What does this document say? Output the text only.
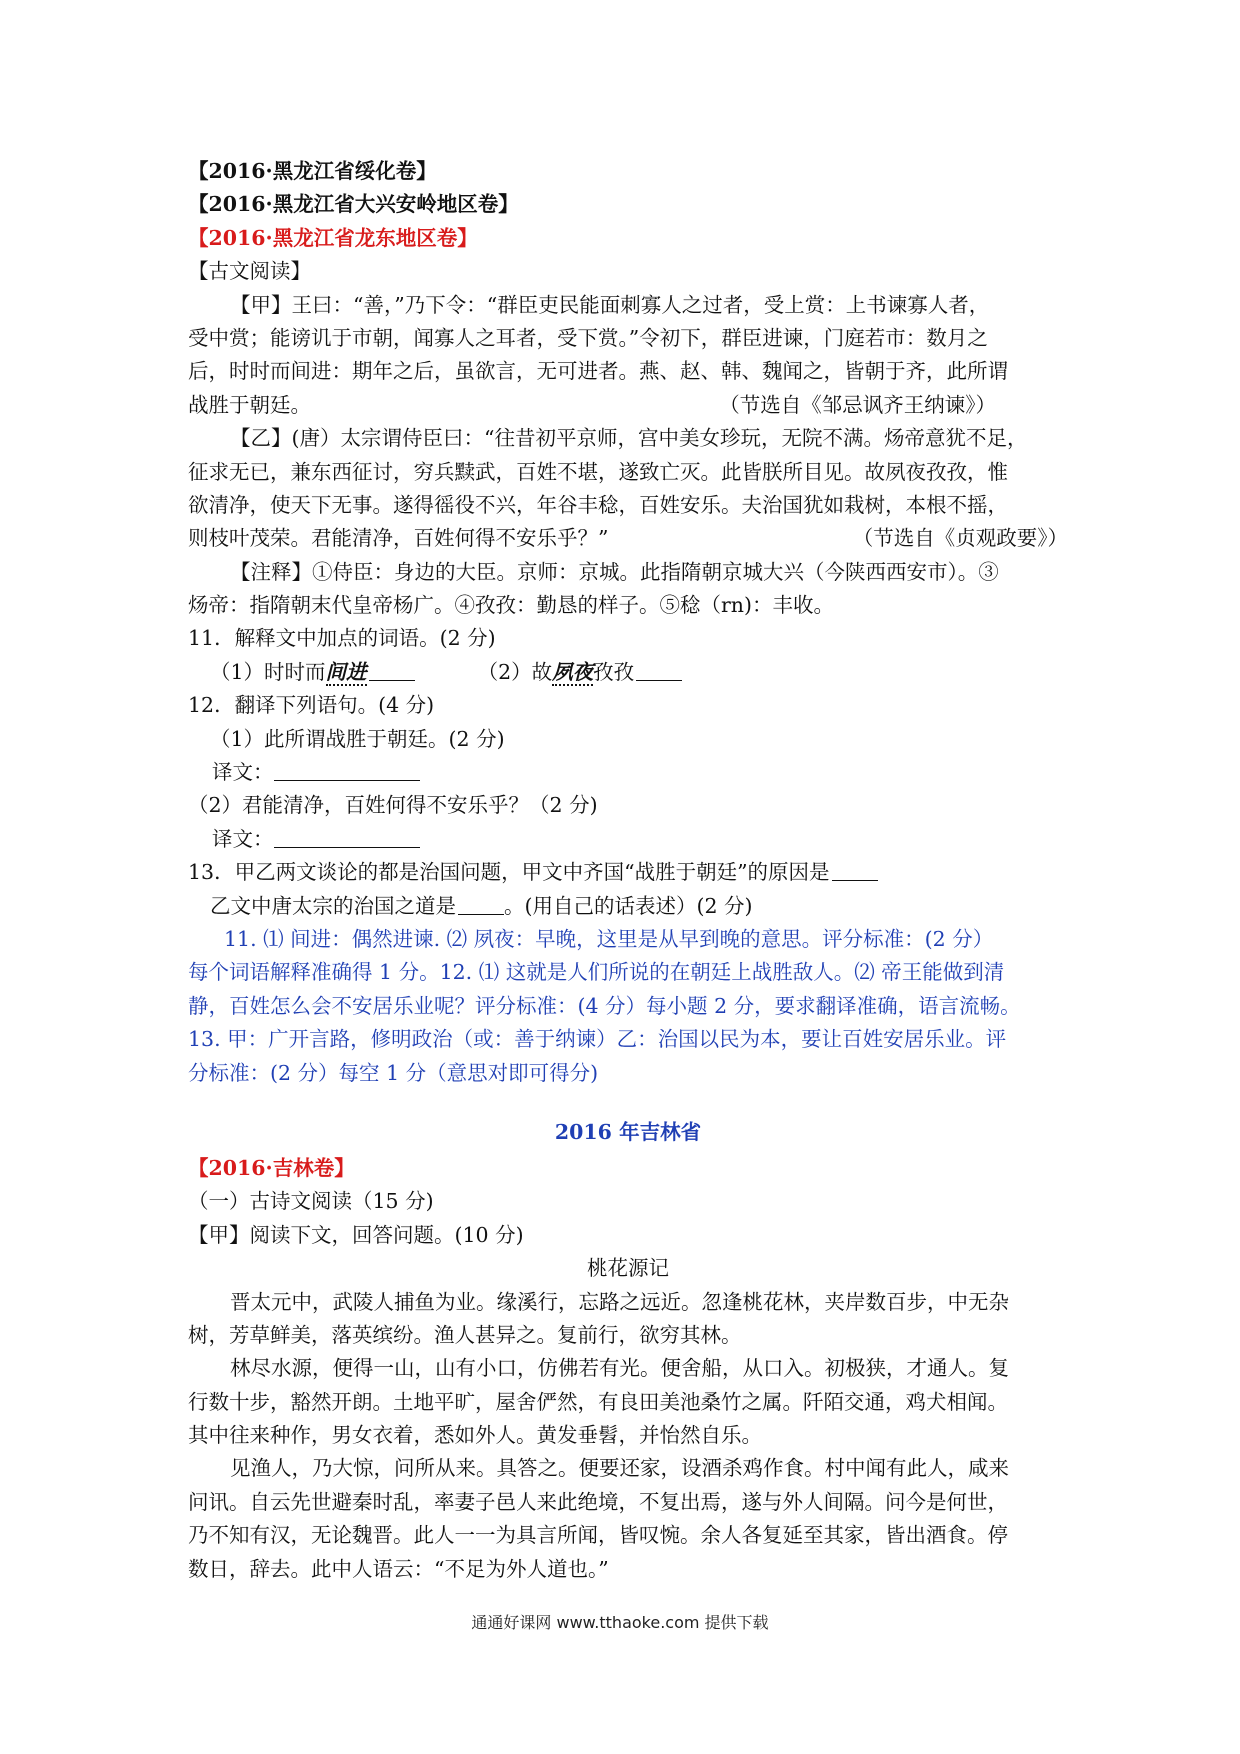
【2016·黑龙江省绥化卷】
【2016·黑龙江省大兴安岭地区卷】
【2016·黑龙江省龙东地区卷】
【古文阅读】
【甲】王曰：“善，”乃下令：“群臣吏民能面刺寡人之过者，受上赏：上书谏寡人者，
受中赏；能谤讥于市朝，闻寡人之耳者，受下赏。”令初下，群臣进谏，门庭若市：数月之
后，时时而间进：期年之后，虽欲言，无可进者。燕、赵、韩、魏闻之，皆朝于齐，此所谓
战胜于朝廷。	（节选自《邹忌讽齐王纳谏》）
【乙】(唐）太宗谓侍臣曰：“往昔初平京师，宫中美女珍玩，无院不满。炀帝意犹不足，
征求无已，兼东西征讨，穷兵黩武，百姓不堪，遂致亡灭。此皆朕所目见。故夙夜孜孜，惟
欲清净，使天下无事。遂得徭役不兴，年谷丰稔，百姓安乐。夫治国犹如栽树，本根不摇，
则枝叶茂荣。君能清净，百姓何得不安乐乎？”	（节选自《贞观政要》）
【注释】①侍臣：身边的大臣。京师：京城。此指隋朝京城大兴（今陕西西安市）。③
炀帝：指隋朝末代皇帝杨广。④孜孜：勤恳的样子。⑤稔（rn)：丰收。
11．解释文中加点的词语。(2 分)
（1）时时而间进	（2）故夙夜孜孜
12．翻译下列语句。(4 分)
（1）此所谓战胜于朝廷。(2 分)
译文：
（2）君能清净，百姓何得不安乐乎？（2 分)
译文：
13．甲乙两文谈论的都是治国问题，甲文中齐国“战胜于朝廷”的原因是
乙文中唐太宗的治国之道是 。(用自己的话表述）(2 分)
11. ⑴ 间进：偶然进谏. ⑵ 夙夜：早晚，这里是从早到晚的意思。评分标准：(2 分）
每个词语解释准确得 1 分。12. ⑴ 这就是人们所说的在朝廷上战胜敌人。⑵ 帝王能做到清
静，百姓怎么会不安居乐业呢？评分标准：(4 分）每小题 2 分，要求翻译准确，语言流畅。
13. 甲：广开言路，修明政治（或：善于纳谏）乙：治国以民为本，要让百姓安居乐业。评
分标准：(2 分）每空 1 分（意思对即可得分)
2016 年吉林省
【2016·吉林卷】
（一）古诗文阅读（15 分)
【甲】阅读下文，回答问题。(10 分)
桃花源记
晋太元中，武陵人捕鱼为业。缘溪行，忘路之远近。忽逢桃花林，夹岸数百步，中无杂
树，芳草鲜美，落英缤纷。渔人甚异之。复前行，欲穷其林。
林尽水源，便得一山，山有小口，仿佛若有光。便舍船，从口入。初极狭，才通人。复
行数十步，豁然开朗。土地平旷，屋舍俨然，有良田美池桑竹之属。阡陌交通，鸡犬相闻。
其中往来种作，男女衣着，悉如外人。黄发垂髫，并怡然自乐。
见渔人，乃大惊，问所从来。具答之。便要还家，设酒杀鸡作食。村中闻有此人，咸来
问讯。自云先世避秦时乱，率妻子邑人来此绝境，不复出焉，遂与外人间隔。问今是何世，
乃不知有汉，无论魏晋。此人一一为具言所闻，皆叹惋。余人各复延至其家，皆出酒食。停
数日，辞去。此中人语云：“不足为外人道也。”
通通好课网 www.tthaoke.com 提供下载
